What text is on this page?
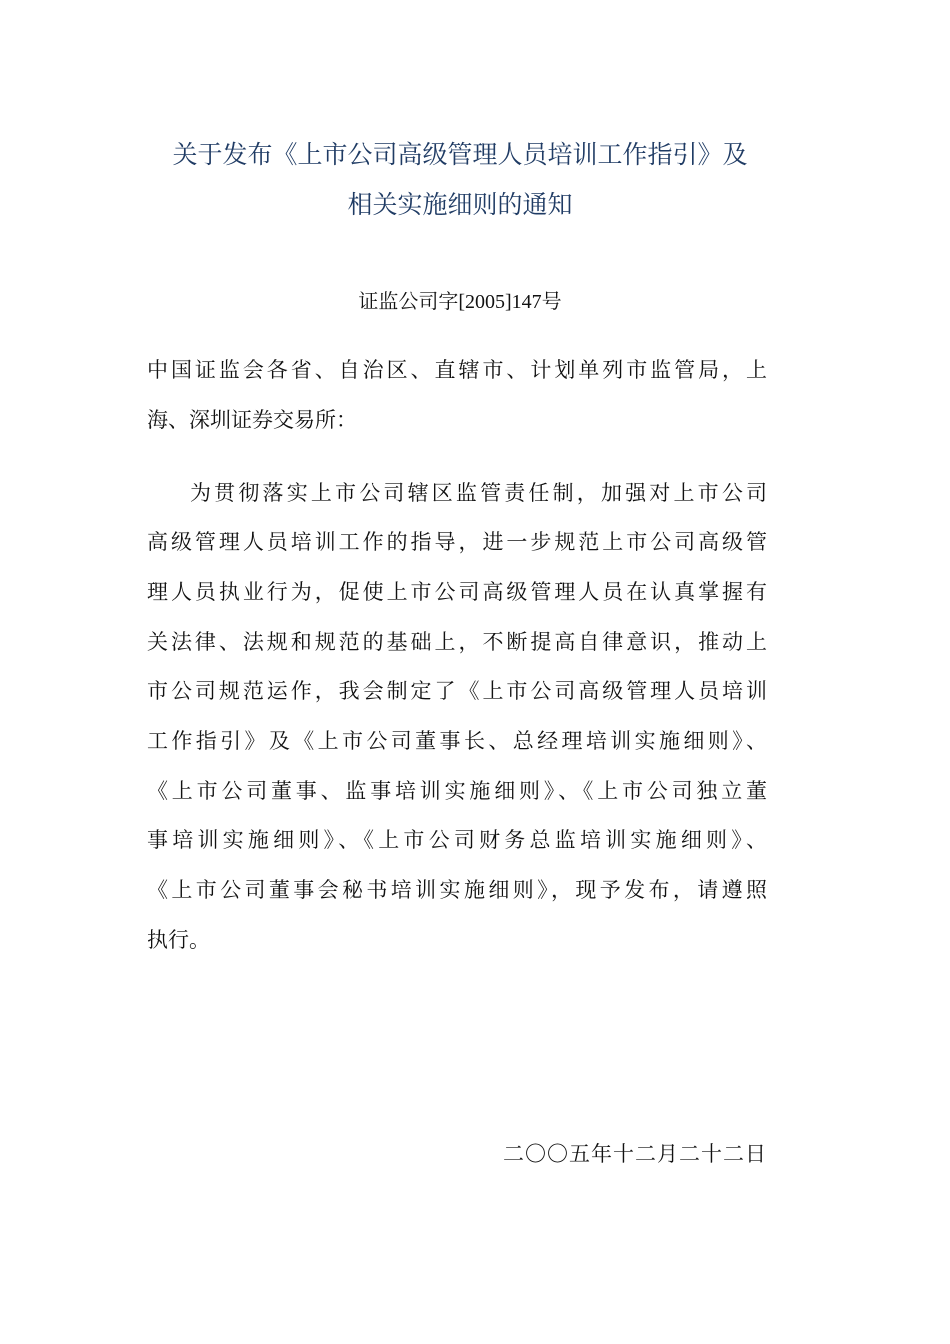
关于发布《上市公司高级管理人员培训工作指引》及
相关实施细则的通知
证监公司字[2005]147号
中国证监会各省、自治区、直辖市、计划单列市监管局，上
海、深圳证券交易所：
为贯彻落实上市公司辖区监管责任制，加强对上市公司
高级管理人员培训工作的指导，进一步规范上市公司高级管
理人员执业行为，促使上市公司高级管理人员在认真掌握有
关法律、法规和规范的基础上，不断提高自律意识，推动上
市公司规范运作，我会制定了《上市公司高级管理人员培训
工作指引》及《上市公司董事长、总经理培训实施细则》、
《上市公司董事、监事培训实施细则》、《上市公司独立董
事培训实施细则》、《上市公司财务总监培训实施细则》、
《上市公司董事会秘书培训实施细则》，现予发布，请遵照
执行。
二〇〇五年十二月二十二日
